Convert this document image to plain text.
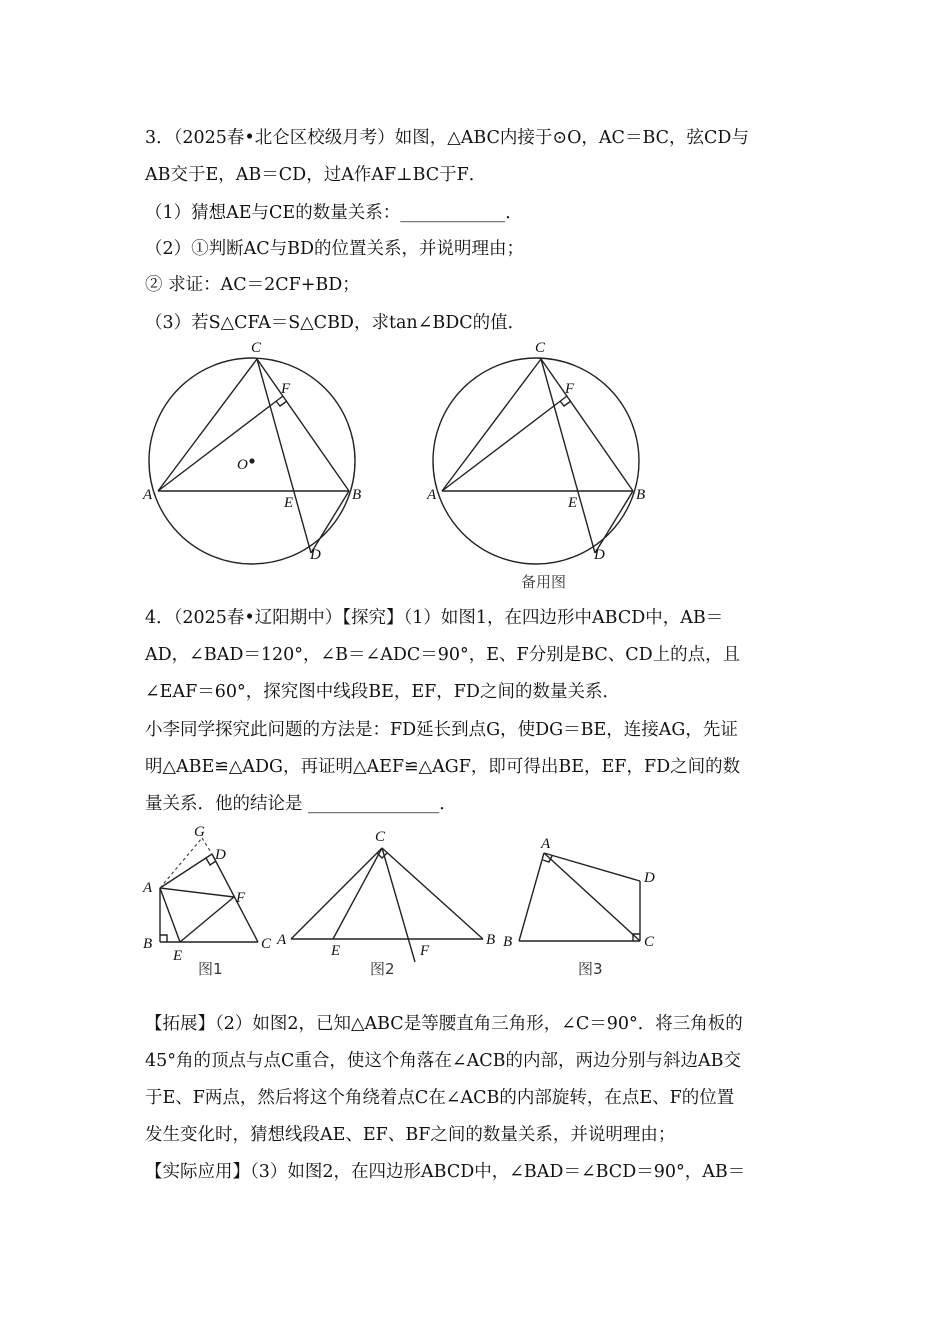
3．（2025春•北仑区校级月考）如图，△ABC内接于⊙O，AC＝BC，弦CD与
AB交于E，AB＝CD，过A作AF⊥BC于F．
（1）猜想AE与CE的数量关系：____________．
（2）①判断AC与BD的位置关系，并说明理由；
② 求证：AC＝2CF+BD；
（3）若S△CFA＝S△CBD，求tan∠BDC的值．
C
F
O
A	E	B
D
C
F
A	E	B
D
备用图
4．（2025春•辽阳期中）【探究】（1）如图1，在四边形中ABCD中，AB＝
AD，∠BAD＝120°，∠B＝∠ADC＝90°，E、F分别是BC、CD上的点，且
∠EAF＝60°，探究图中线段BE，EF，FD之间的数量关系．
小李同学探究此问题的方法是：FD延长到点G，使DG＝BE，连接AG，先证
明△ABE≌△ADG，再证明△AEF≌△AGF，即可得出BE，EF，FD之间的数
量关系．他的结论是 _______________．
G
D
A
F
B
E
C
图1
C
A
E	F
B
图2
A
D
B	C
图3
【拓展】（2）如图2，已知△ABC是等腰直角三角形，∠C＝90°．将三角板的
45°角的顶点与点C重合，使这个角落在∠ACB的内部，两边分别与斜边AB交
于E、F两点，然后将这个角绕着点C在∠ACB的内部旋转，在点E、F的位置
发生变化时，猜想线段AE、EF、BF之间的数量关系，并说明理由；
【实际应用】（3）如图2，在四边形ABCD中，∠BAD＝∠BCD＝90°，AB＝
